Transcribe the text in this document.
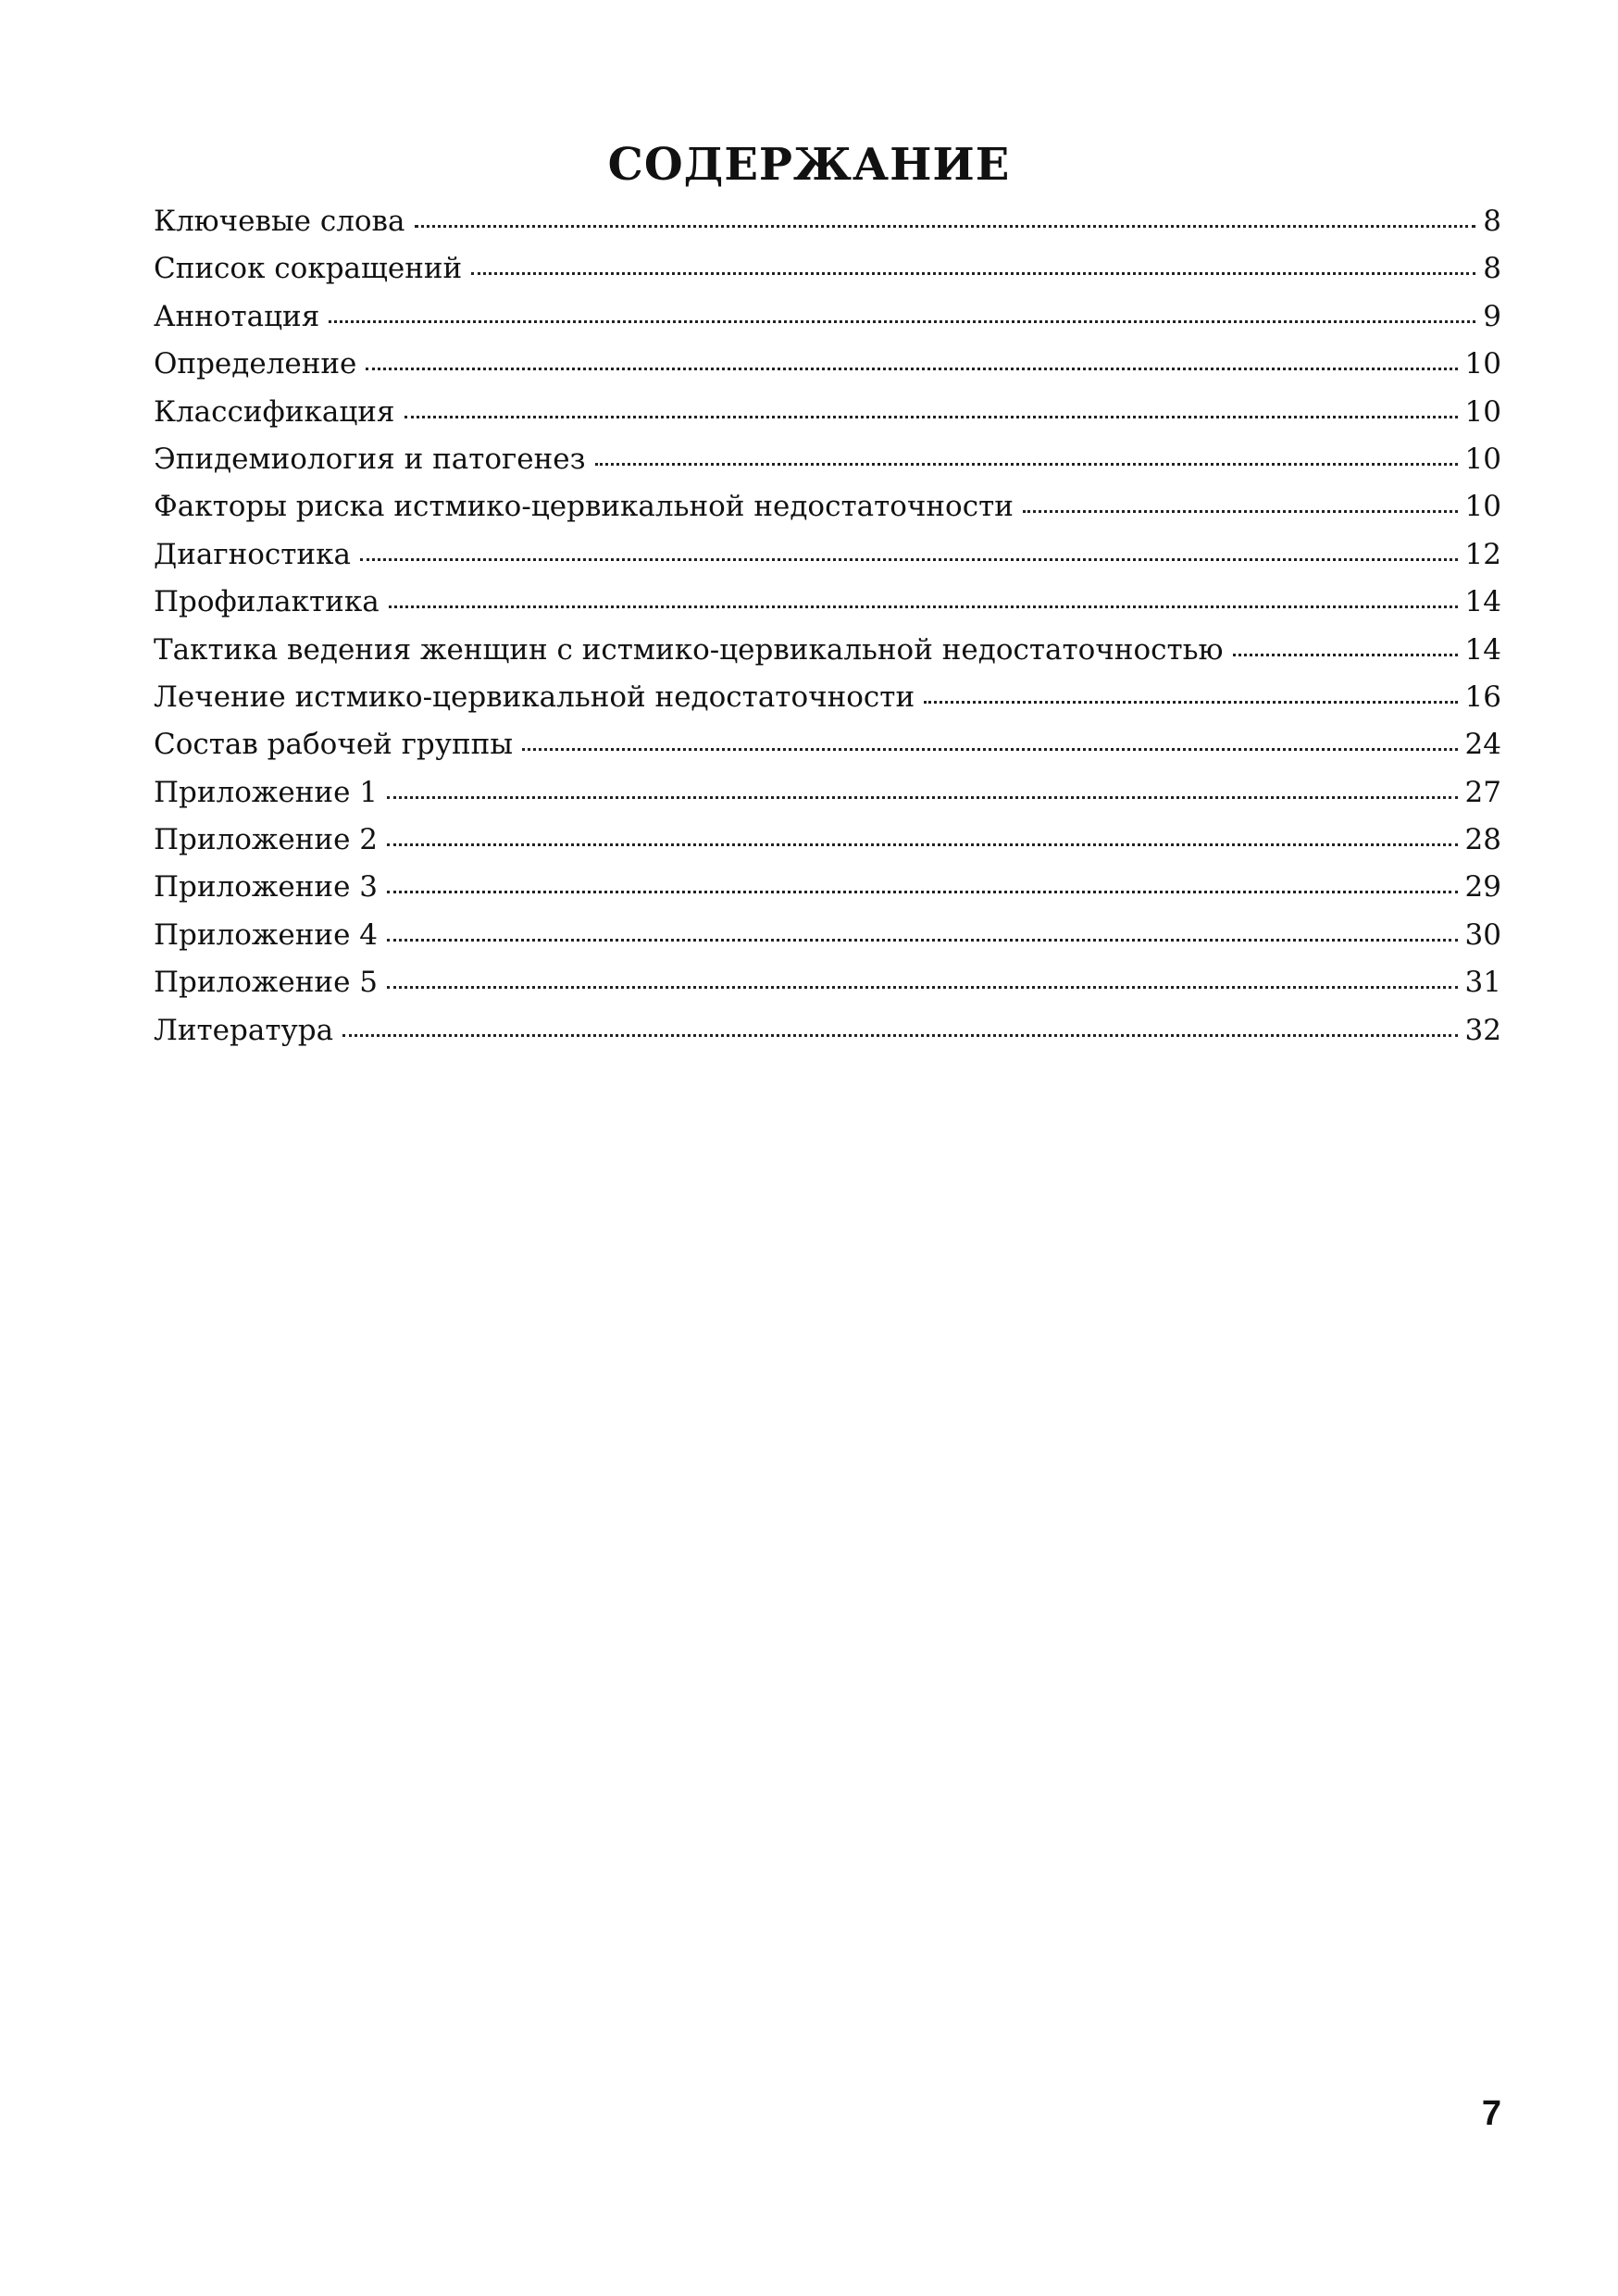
СОДЕРЖАНИЕ
Ключевые слова	8
Список сокращений	8
Аннотация	9
Определение	10
Классификация	10
Эпидемиология и патогенез	10
Факторы риска истмико-цервикальной недостаточности	10
Диагностика	12
Профилактика	14
Тактика ведения женщин с истмико-цервикальной недостаточностью	14
Лечение истмико-цервикальной недостаточности	16
Состав рабочей группы	24
Приложение 1	27
Приложение 2	28
Приложение 3	29
Приложение 4	30
Приложение 5	31
Литература	32
7
